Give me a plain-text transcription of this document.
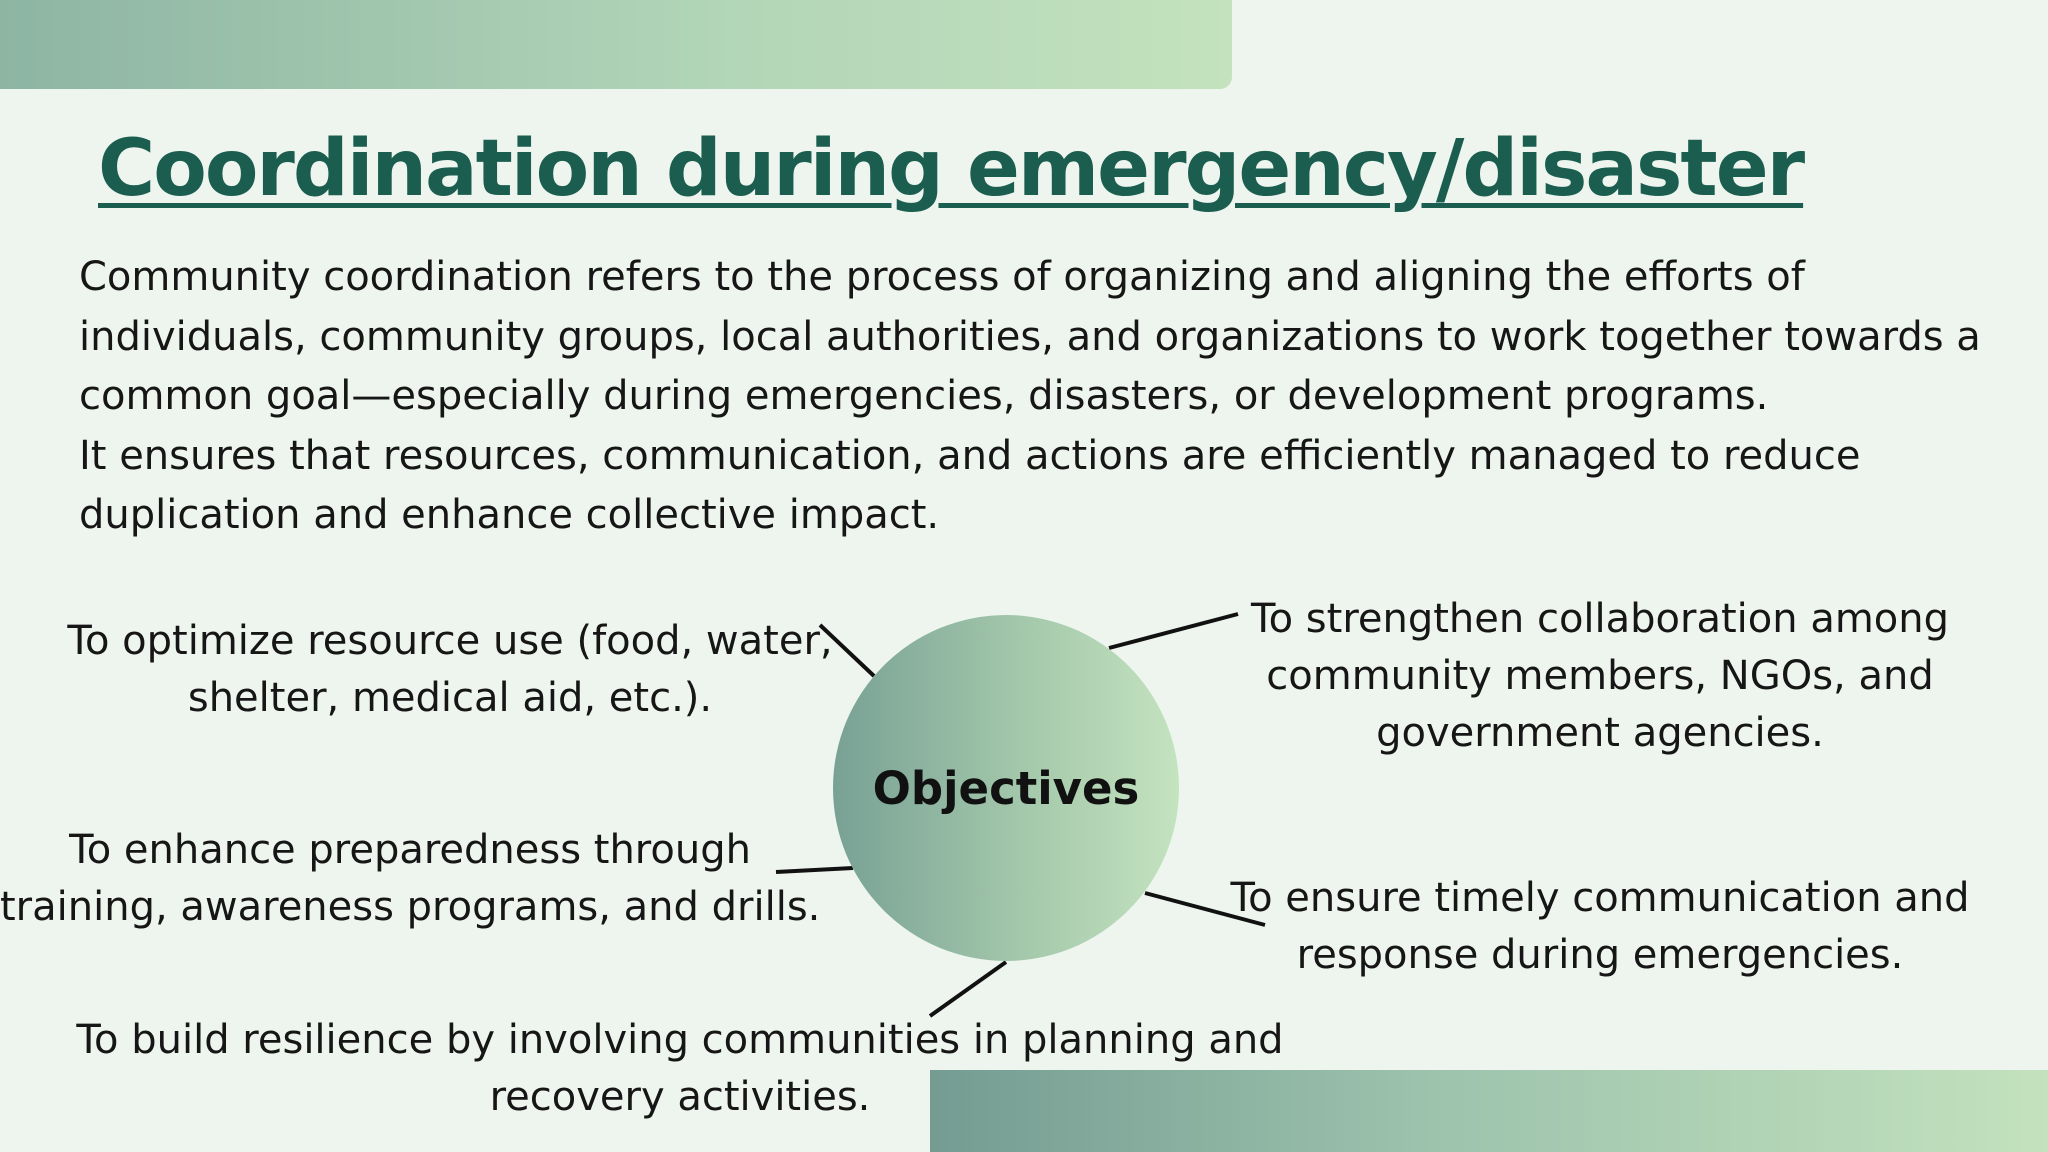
Coordination during emergency/disaster

Community coordination refers to the process of organizing and aligning the efforts of individuals, community groups, local authorities, and organizations to work together towards a common goal—especially during emergencies, disasters, or development programs.

It ensures that resources, communication, and actions are efficiently managed to reduce duplication and enhance collective impact.

Objectives
To optimize resource use (food, water,
shelter, medical aid, etc.).
To enhance preparedness through
training, awareness programs, and drills.
To build resilience by involving communities in planning and
recovery activities.
To strengthen collaboration among
community members, NGOs, and
government agencies.
To ensure timely communication and
response during emergencies.
